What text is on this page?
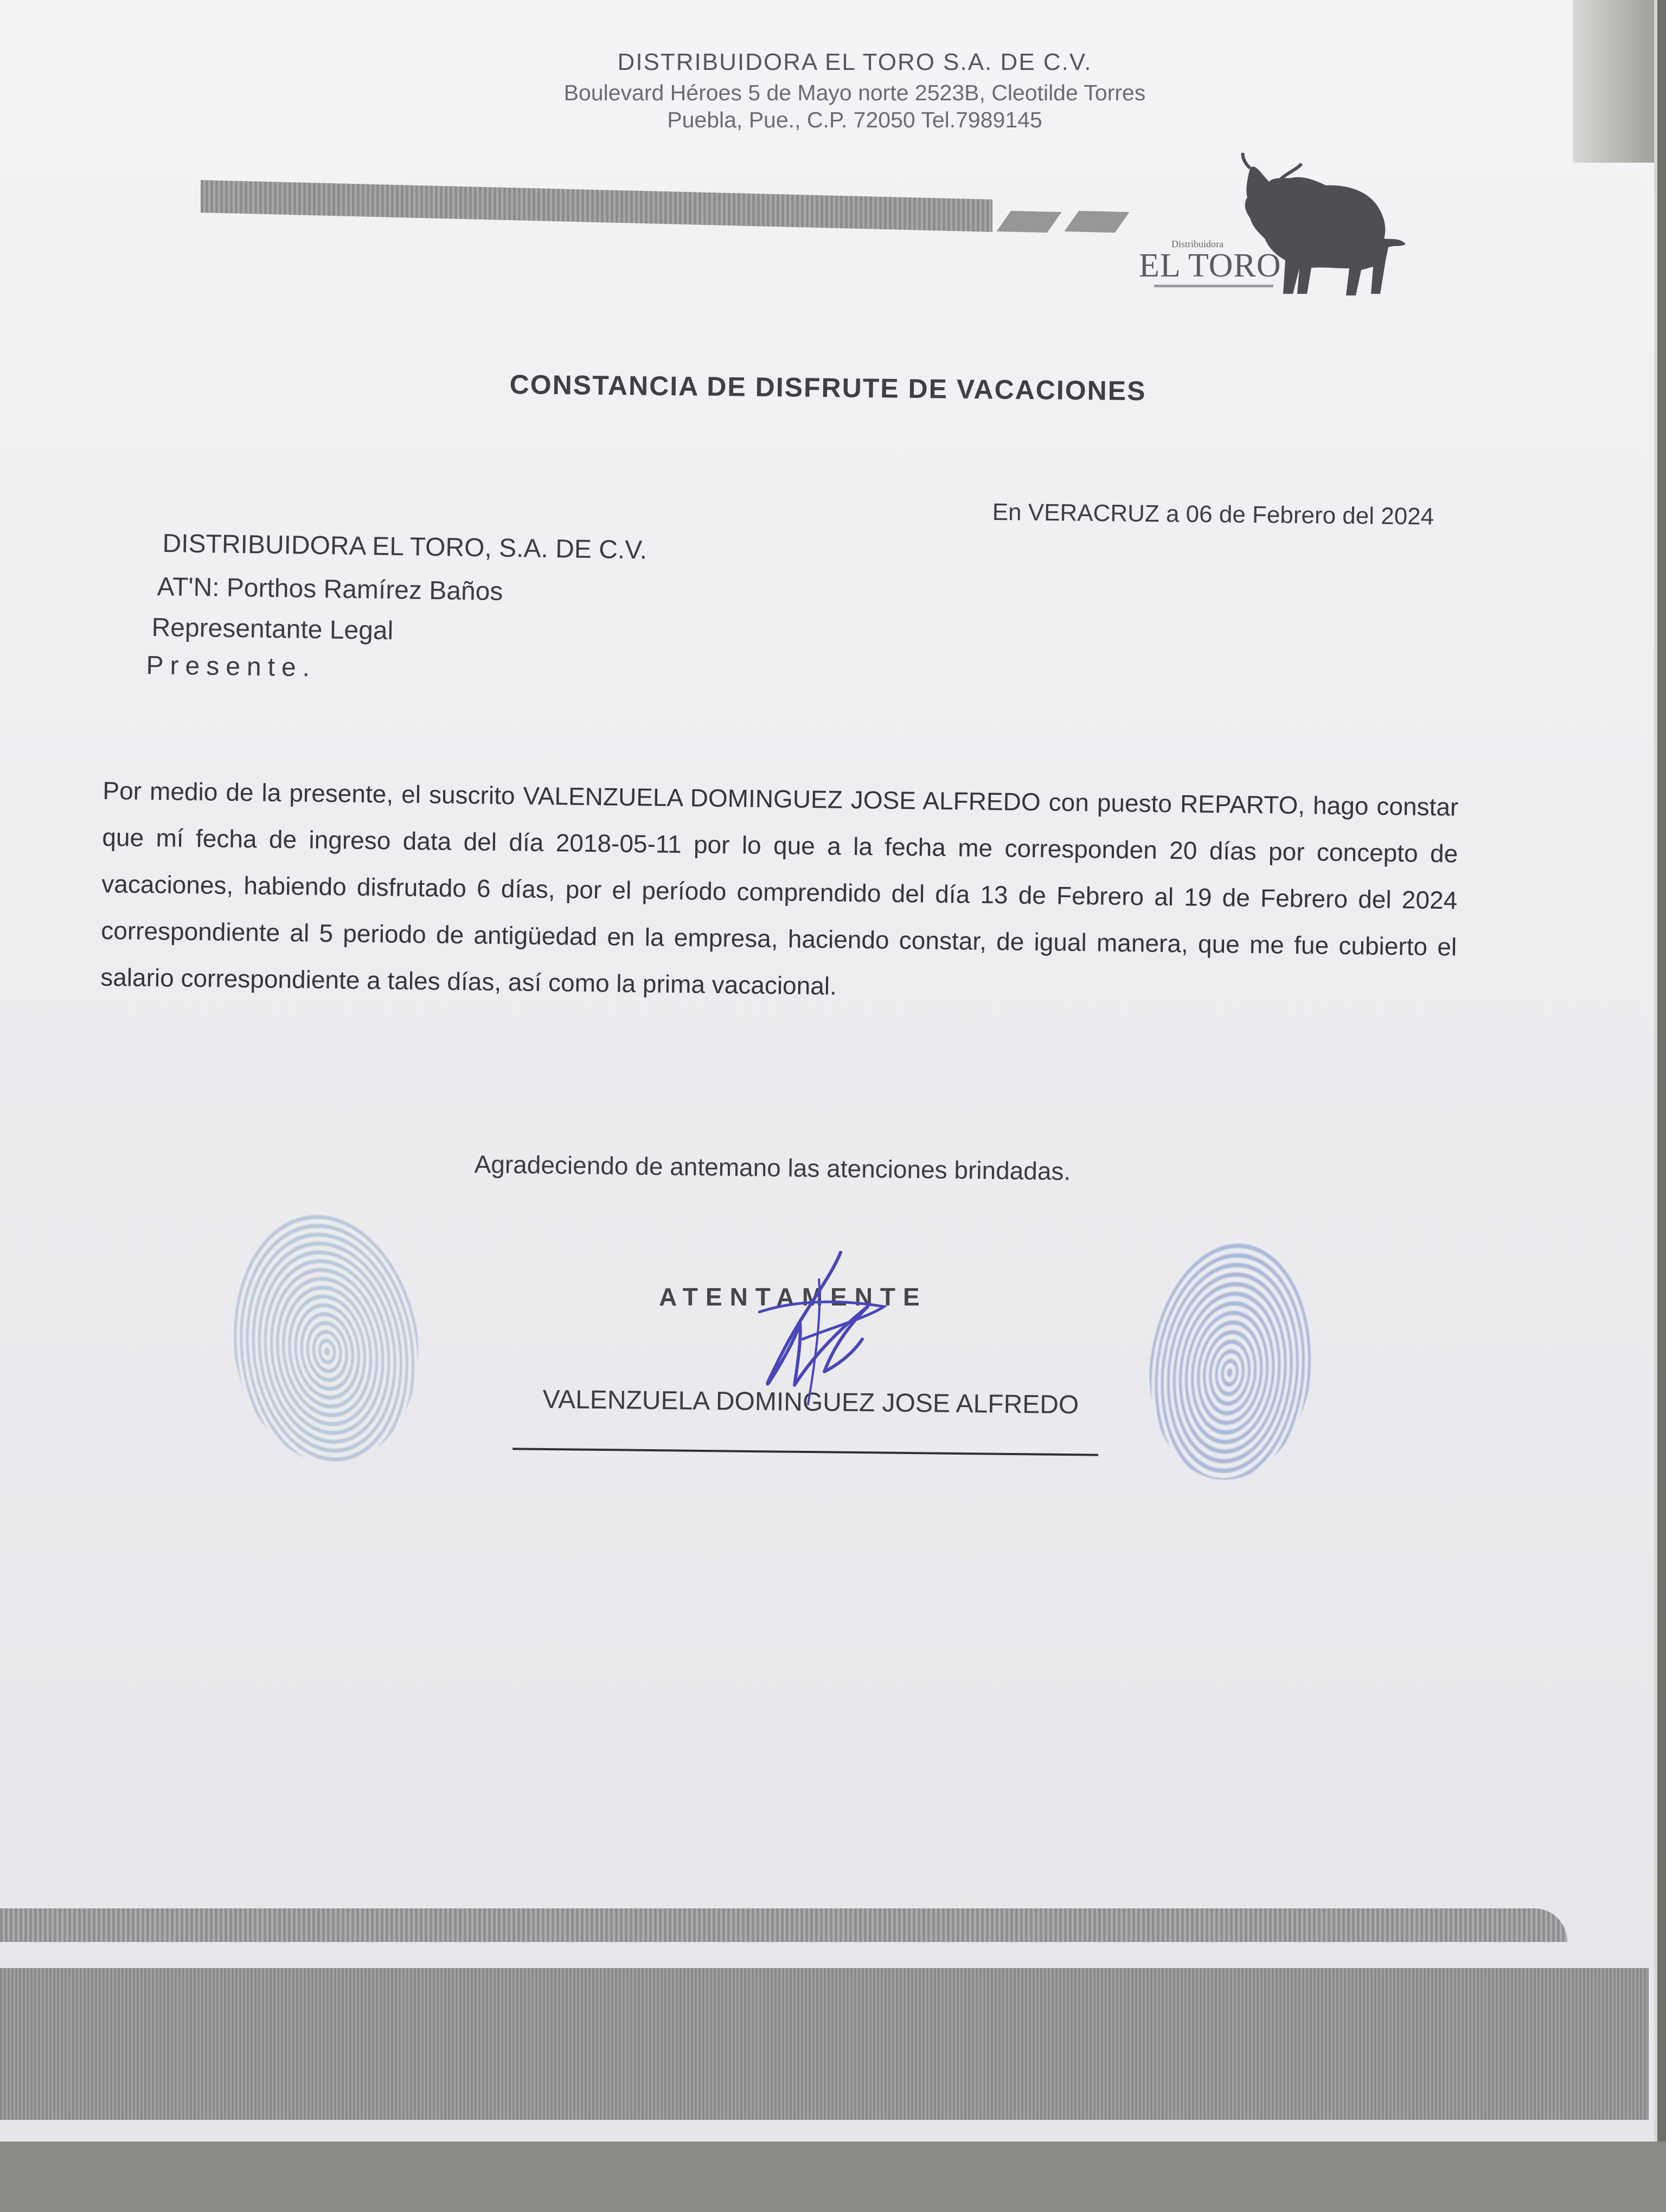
DISTRIBUIDORA EL TORO S.A. DE C.V.
Boulevard Héroes 5 de Mayo norte 2523B, Cleotilde Torres
Puebla, Pue., C.P. 72050 Tel.7989145
Distribuidora
EL TORO
CONSTANCIA DE DISFRUTE DE VACACIONES
En VERACRUZ a 06 de Febrero del 2024
DISTRIBUIDORA EL TORO, S.A. DE C.V.
AT'N: Porthos Ramírez Baños
Representante Legal
Presente.
Por medio de la presente, el suscrito VALENZUELA DOMINGUEZ JOSE ALFREDO con puesto REPARTO, hago constar que mí fecha de ingreso data del día 2018-05-11 por lo que a la fecha me corresponden 20 días por concepto de vacaciones, habiendo disfrutado 6 días, por el período comprendido del día 13 de Febrero al 19 de Febrero del 2024 correspondiente al 5 periodo de antigüedad en la empresa, haciendo constar, de igual manera, que me fue cubierto el salario correspondiente a tales días, así como la prima vacacional.
Agradeciendo de antemano las atenciones brindadas.
ATENTAMENTE
VALENZUELA DOMINGUEZ JOSE ALFREDO
